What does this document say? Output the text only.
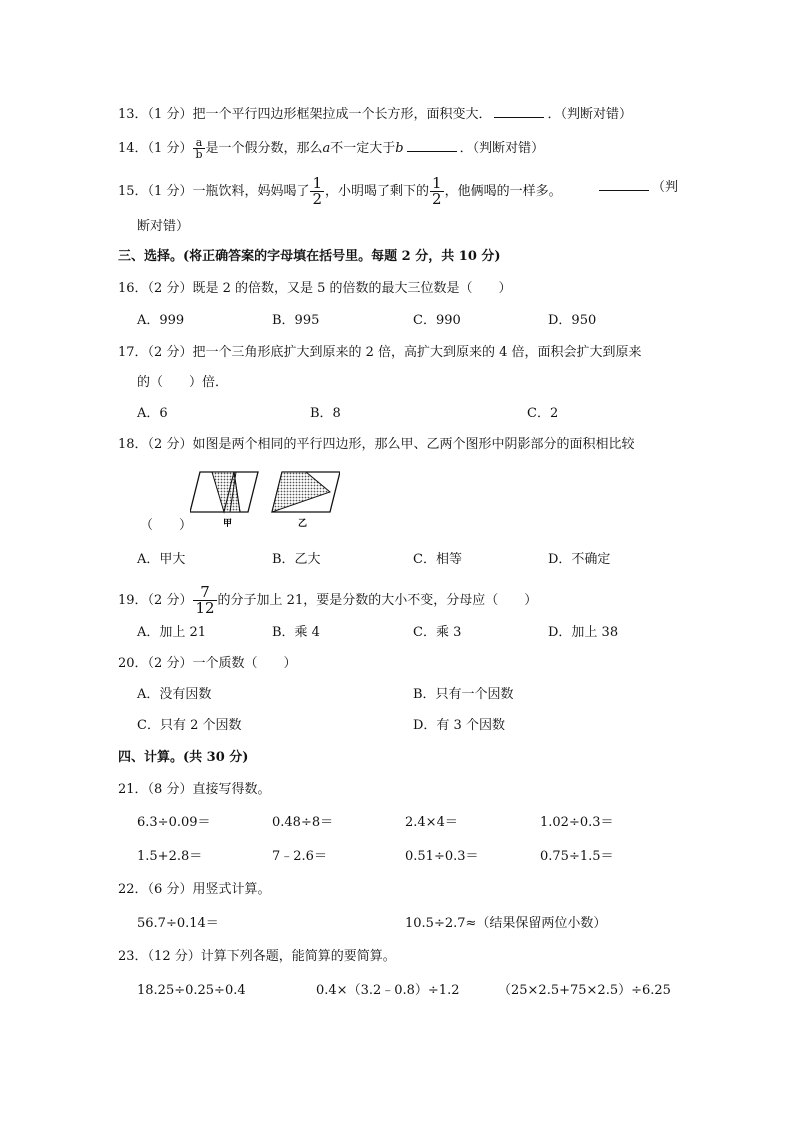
13．（1 分）把一个平行四边形框架拉成一个长方形，面积变大．	．（判断对错）
14．（1 分） $\frac{a}{b}$ 是一个假分数，那么a不一定大于b	．（判断对错）
15．（1 分）一瓶饮料，妈妈喝了 $\frac{1}{2}$ ，小明喝了剩下的 $\frac{1}{2}$ ，他俩喝的一样多。	（判
断对错）
三、选择。(将正确答案的字母填在括号里。每题 2 分，共 10 分)
16．（2 分）既是 2 的倍数，又是 5 的倍数的最大三位数是（　　）
A．999	B．995	C．990	D．950
17．（2 分）把一个三角形底扩大到原来的 2 倍，高扩大到原来的 4 倍，面积会扩大到原来
的（　　）倍．
A．6	B．8	C．2
18．（2 分）如图是两个相同的平行四边形，那么甲、乙两个图形中阴影部分的面积相比较
甲	乙
（　　）
A．甲大	B．乙大	C．相等	D．不确定
19．（2 分） $\frac{7}{12}$ 的分子加上 21，要是分数的大小不变，分母应（　　）
A．加上 21	B．乘 4	C．乘 3	D．加上 38
20．（2 分）一个质数（　　）
A．没有因数	B．只有一个因数
C．只有 2 个因数	D．有 3 个因数
四、计算。(共 30 分)
21．（8 分）直接写得数。
6.3÷0.09＝	0.48÷8＝	2.4×4＝	1.02÷0.3＝
1.5+2.8＝	7﹣2.6＝	0.51÷0.3＝	0.75÷1.5＝
22．（6 分）用竖式计算。
56.7÷0.14＝	10.5÷2.7≈（结果保留两位小数）
23．（12 分）计算下列各题，能简算的要简算。
18.25÷0.25÷0.4	0.4×（3.2﹣0.8）÷1.2	（25×2.5+75×2.5）÷6.25
